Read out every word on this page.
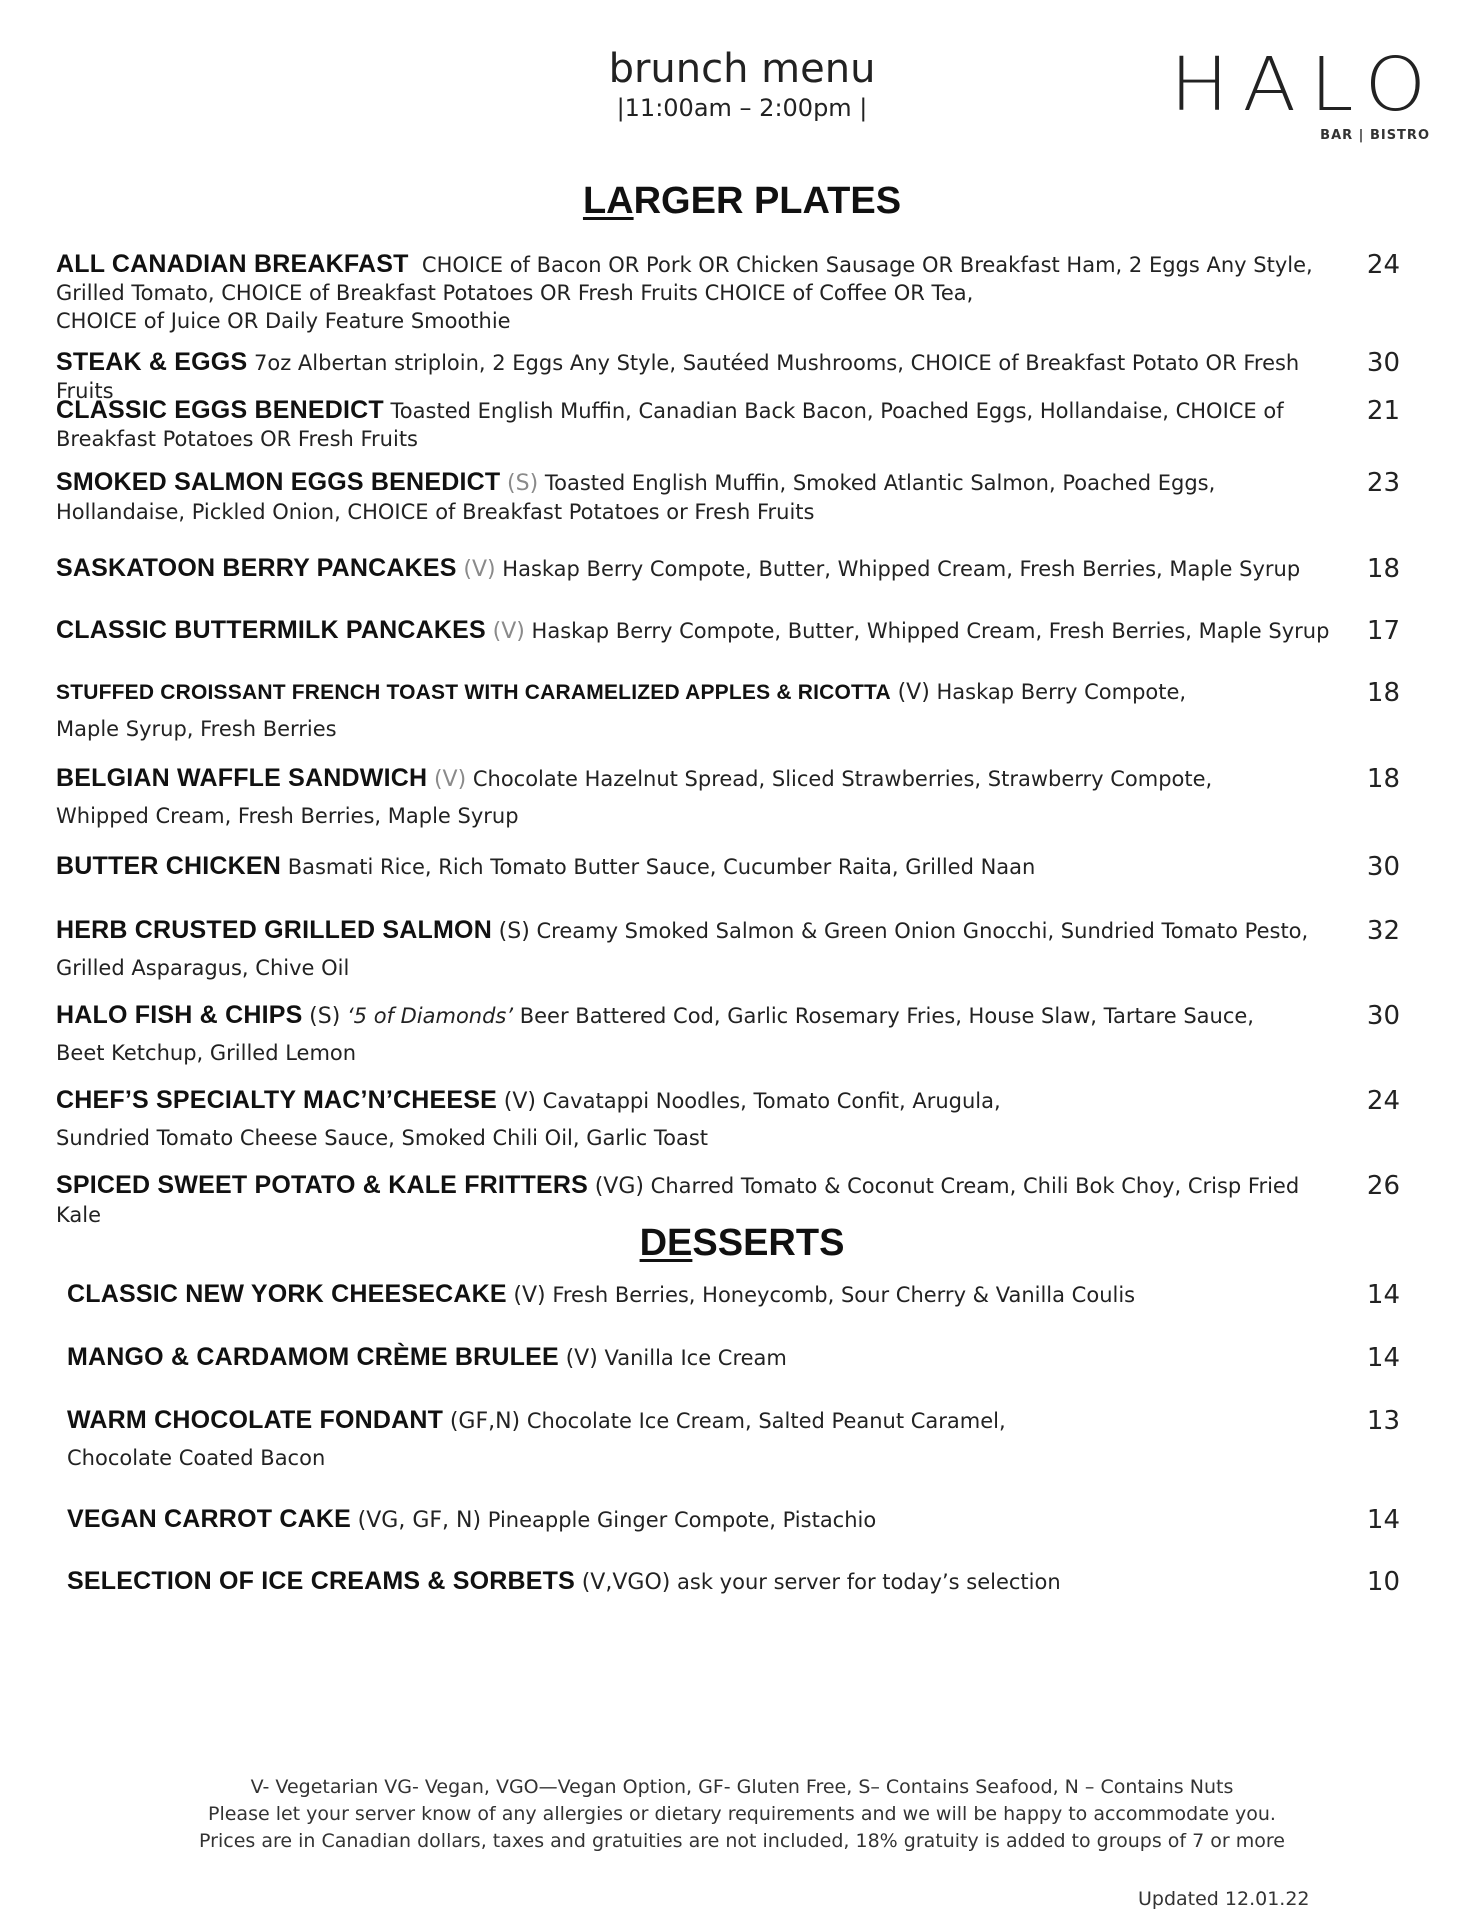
brunch menu
|11:00am – 2:00pm |	HALO
BAR | BISTRO
LARGER PLATES
ALL CANADIAN BREAKFAST CHOICE of Bacon OR Pork OR Chicken Sausage OR Breakfast Ham, 2 Eggs Any Style,
Grilled Tomato, CHOICE of Breakfast Potatoes OR Fresh Fruits CHOICE of Coffee OR Tea,
CHOICE of Juice OR Daily Feature Smoothie
24
STEAK & EGGS 7oz Albertan striploin, 2 Eggs Any Style, Sautéed Mushrooms, CHOICE of Breakfast Potato OR Fresh Fruits
30
CLASSIC EGGS BENEDICT Toasted English Muffin, Canadian Back Bacon, Poached Eggs, Hollandaise, CHOICE of
Breakfast Potatoes OR Fresh Fruits
21
SMOKED SALMON EGGS BENEDICT (S) Toasted English Muffin, Smoked Atlantic Salmon, Poached Eggs,
Hollandaise, Pickled Onion, CHOICE of Breakfast Potatoes or Fresh Fruits
23
SASKATOON BERRY PANCAKES (V) Haskap Berry Compote, Butter, Whipped Cream, Fresh Berries, Maple Syrup	18
CLASSIC BUTTERMILK PANCAKES (V) Haskap Berry Compote, Butter, Whipped Cream, Fresh Berries, Maple Syrup	17
STUFFED CROISSANT FRENCH TOAST WITH CARAMELIZED APPLES & RICOTTA (V) Haskap Berry Compote,
Maple Syrup, Fresh Berries
18
BELGIAN WAFFLE SANDWICH (V) Chocolate Hazelnut Spread, Sliced Strawberries, Strawberry Compote,
Whipped Cream, Fresh Berries, Maple Syrup
18
BUTTER CHICKEN Basmati Rice, Rich Tomato Butter Sauce, Cucumber Raita, Grilled Naan	30
HERB CRUSTED GRILLED SALMON (S) Creamy Smoked Salmon & Green Onion Gnocchi, Sundried Tomato Pesto,
Grilled Asparagus, Chive Oil
32
HALO FISH & CHIPS (S) ‘5 of Diamonds’ Beer Battered Cod, Garlic Rosemary Fries, House Slaw, Tartare Sauce,
Beet Ketchup, Grilled Lemon
30
CHEF’S SPECIALTY MAC’N’CHEESE (V) Cavatappi Noodles, Tomato Confit, Arugula,
Sundried Tomato Cheese Sauce, Smoked Chili Oil, Garlic Toast
24
SPICED SWEET POTATO & KALE FRITTERS (VG) Charred Tomato & Coconut Cream, Chili Bok Choy, Crisp Fried Kale
26
DESSERTS
CLASSIC NEW YORK CHEESECAKE (V) Fresh Berries, Honeycomb, Sour Cherry & Vanilla Coulis	14
MANGO & CARDAMOM CRÈME BRULEE (V) Vanilla Ice Cream	14
WARM CHOCOLATE FONDANT (GF,N) Chocolate Ice Cream, Salted Peanut Caramel,
Chocolate Coated Bacon
13
VEGAN CARROT CAKE (VG, GF, N) Pineapple Ginger Compote, Pistachio	14
SELECTION OF ICE CREAMS & SORBETS (V,VGO) ask your server for today’s selection	10
V- Vegetarian VG- Vegan, VGO—Vegan Option, GF- Gluten Free, S– Contains Seafood, N – Contains Nuts
Please let your server know of any allergies or dietary requirements and we will be happy to accommodate you.
Prices are in Canadian dollars, taxes and gratuities are not included, 18% gratuity is added to groups of 7 or more
Updated 12.01.22
